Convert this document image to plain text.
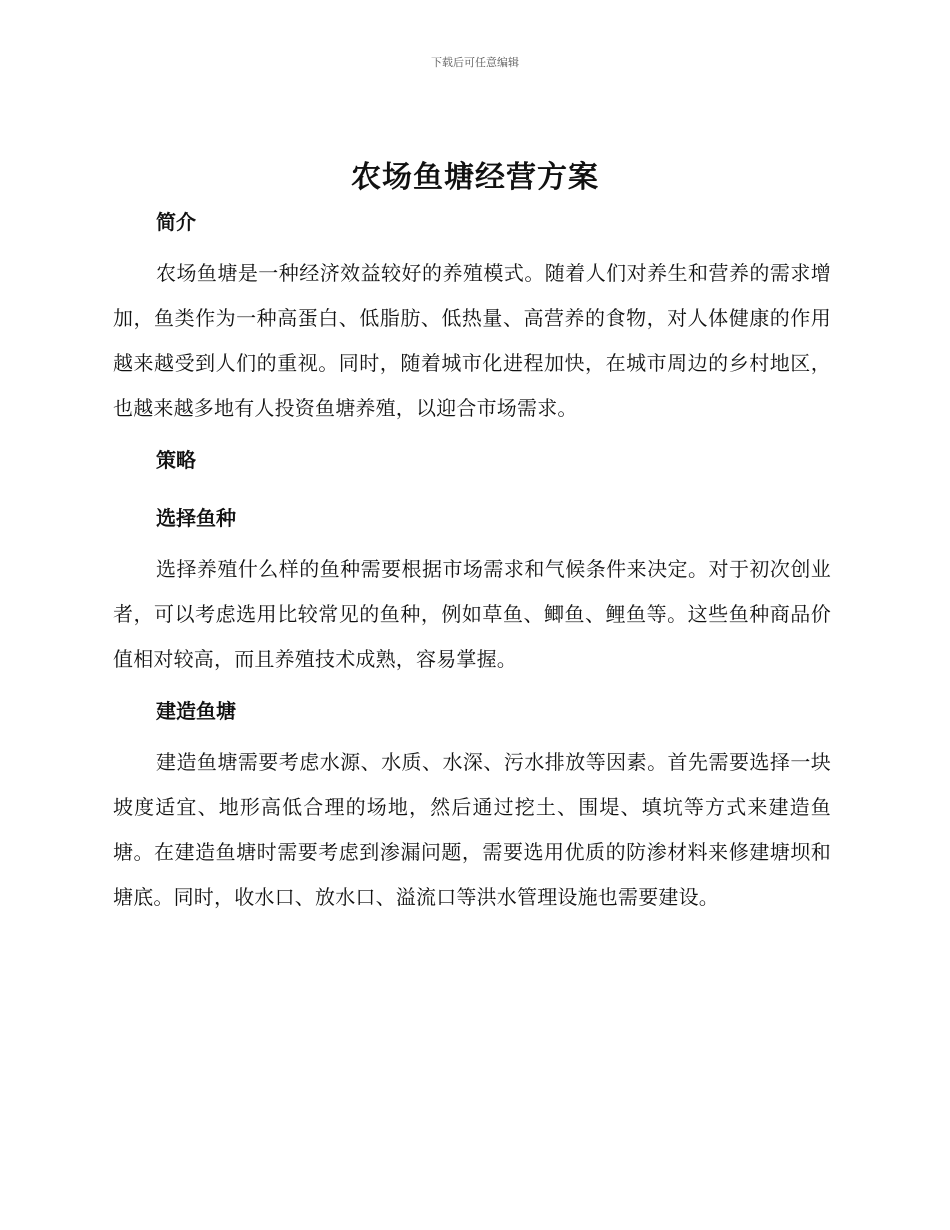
下载后可任意编辑
农场鱼塘经营方案
简介

农场鱼塘是一种经济效益较好的养殖模式。随着人们对养生和营养的需求增加，鱼类作为一种高蛋白、低脂肪、低热量、高营养的食物，对人体健康的作用越来越受到人们的重视。同时，随着城市化进程加快，在城市周边的乡村地区，也越来越多地有人投资鱼塘养殖，以迎合市场需求。

策略
选择鱼种

选择养殖什么样的鱼种需要根据市场需求和气候条件来决定。对于初次创业者，可以考虑选用比较常见的鱼种，例如草鱼、鲫鱼、鲤鱼等。这些鱼种商品价值相对较高，而且养殖技术成熟，容易掌握。

建造鱼塘

建造鱼塘需要考虑水源、水质、水深、污水排放等因素。首先需要选择一块坡度适宜、地形高低合理的场地，然后通过挖土、围堤、填坑等方式来建造鱼塘。在建造鱼塘时需要考虑到渗漏问题，需要选用优质的防渗材料来修建塘坝和塘底。同时，收水口、放水口、溢流口等洪水管理设施也需要建设。
